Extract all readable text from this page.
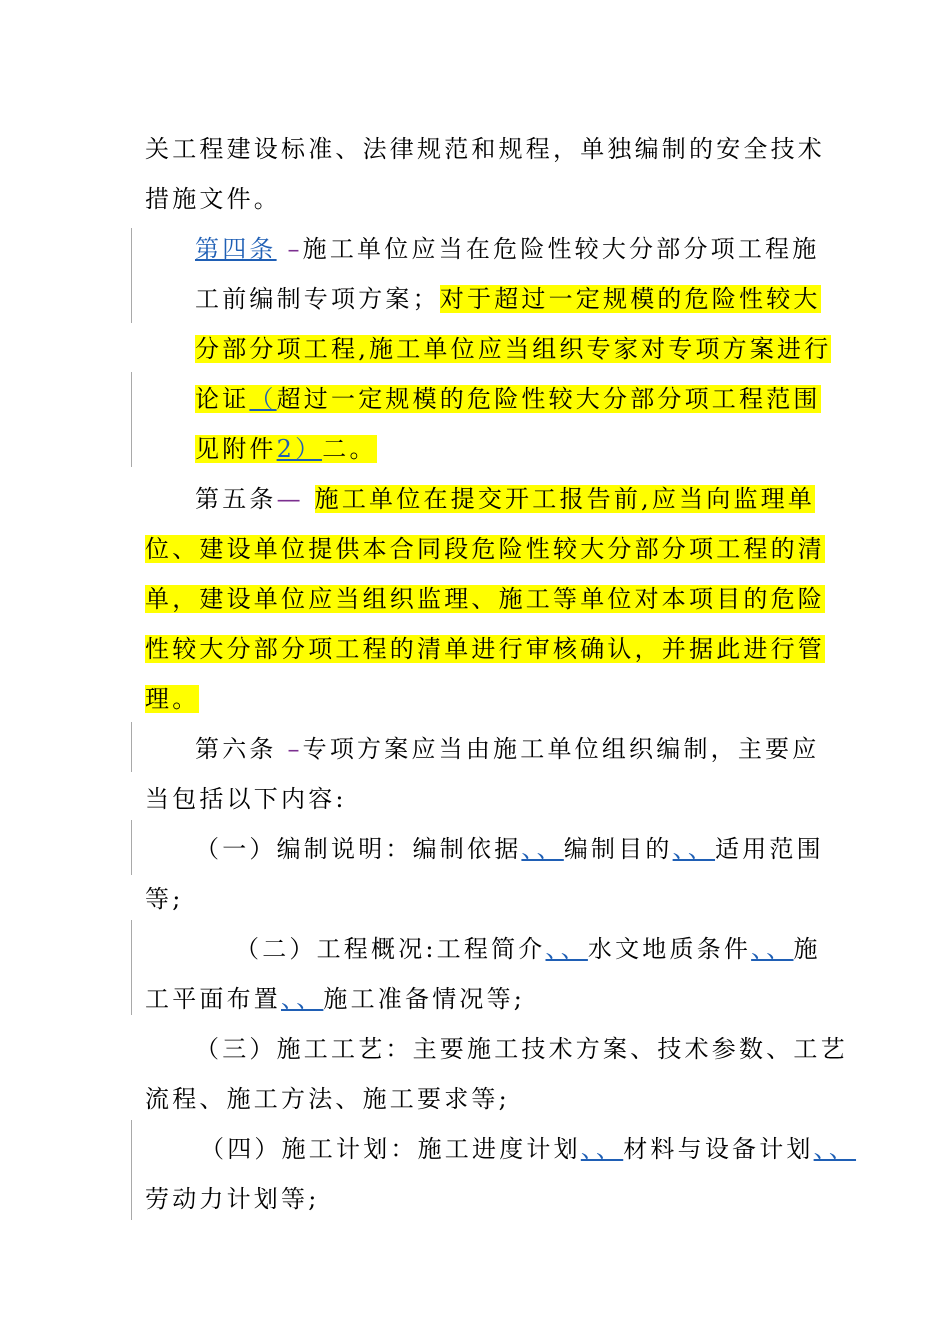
关工程建设标准、法律规范和规程，单独编制的安全技术
措施文件。
第四条 –施工单位应当在危险性较大分部分项工程施
工前编制专项方案；对于超过一定规模的危险性较大
分部分项工程,施工单位应当组织专家对专项方案进行
论证（超过一定规模的危险性较大分部分项工程范围
见附件2）二。
第五条— 施工单位在提交开工报告前,应当向监理单
位、建设单位提供本合同段危险性较大分部分项工程的清
单，建设单位应当组织监理、施工等单位对本项目的危险
性较大分部分项工程的清单进行审核确认，并据此进行管
理。
第六条 –专项方案应当由施工单位组织编制，主要应
当包括以下内容:
（一）编制说明：编制依据、、编制目的、、适用范围
等;
（二）工程概况:工程简介、、水文地质条件、、施
工平面布置、、施工准备情况等;
（三）施工工艺：主要施工技术方案、技术参数、工艺
流程、施工方法、施工要求等;
（四）施工计划：施工进度计划、、材料与设备计划、、
劳动力计划等;
